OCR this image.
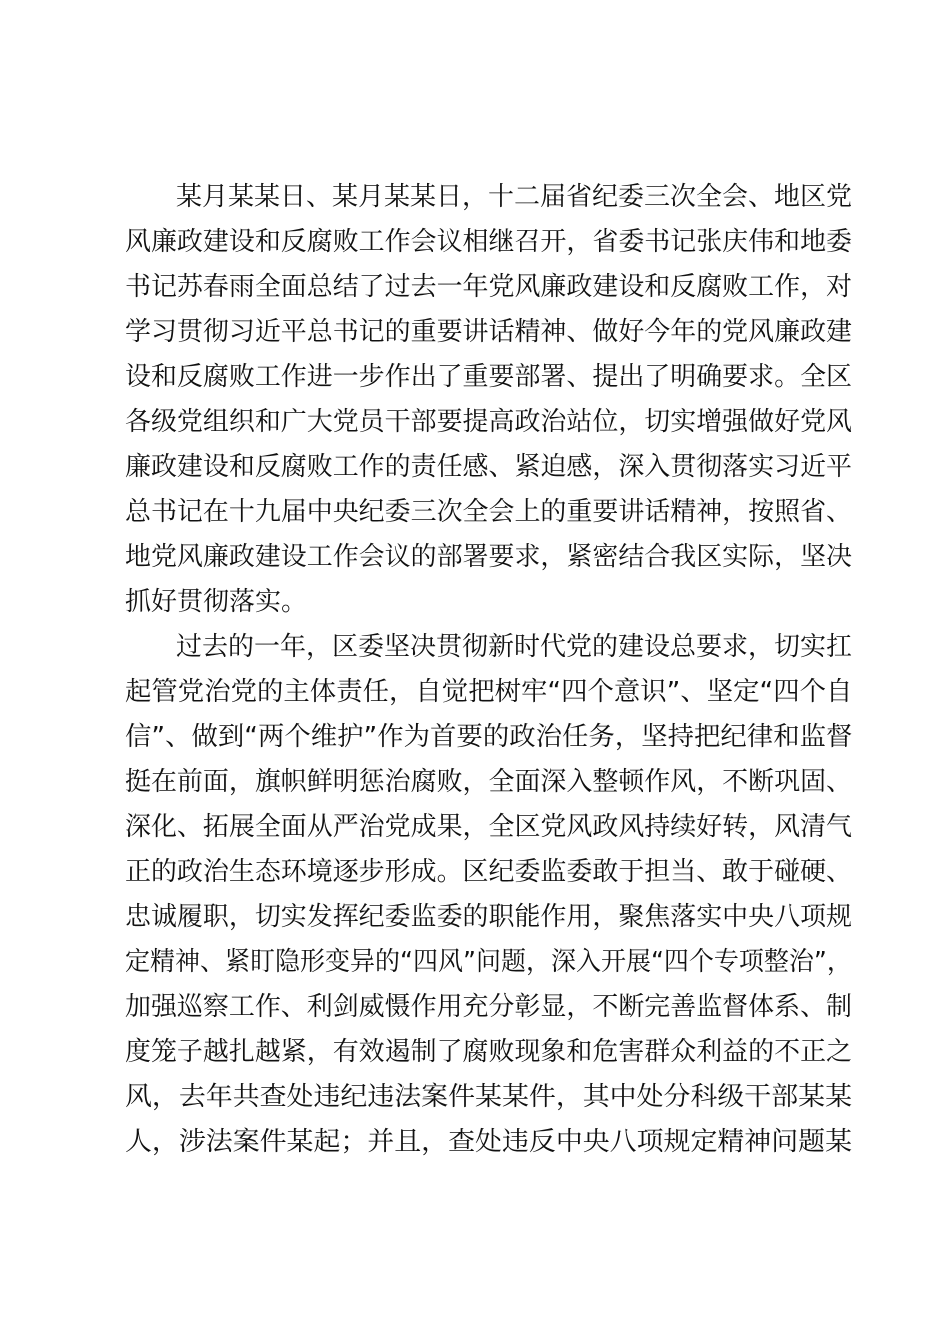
某月某某日、某月某某日，十二届省纪委三次全会、地区党
风廉政建设和反腐败工作会议相继召开，省委书记张庆伟和地委
书记苏春雨全面总结了过去一年党风廉政建设和反腐败工作，对
学习贯彻习近平总书记的重要讲话精神、做好今年的党风廉政建
设和反腐败工作进一步作出了重要部署、提出了明确要求。全区
各级党组织和广大党员干部要提高政治站位，切实增强做好党风
廉政建设和反腐败工作的责任感、紧迫感，深入贯彻落实习近平
总书记在十九届中央纪委三次全会上的重要讲话精神，按照省、
地党风廉政建设工作会议的部署要求，紧密结合我区实际，坚决
抓好贯彻落实。
过去的一年，区委坚决贯彻新时代党的建设总要求，切实扛
起管党治党的主体责任，自觉把树牢“四个意识”、坚定“四个自
信”、做到“两个维护”作为首要的政治任务，坚持把纪律和监督
挺在前面，旗帜鲜明惩治腐败，全面深入整顿作风，不断巩固、
深化、拓展全面从严治党成果，全区党风政风持续好转，风清气
正的政治生态环境逐步形成。区纪委监委敢于担当、敢于碰硬、
忠诚履职，切实发挥纪委监委的职能作用，聚焦落实中央八项规
定精神、紧盯隐形变异的“四风”问题，深入开展“四个专项整治”，
加强巡察工作、利剑威慑作用充分彰显，不断完善监督体系、制
度笼子越扎越紧，有效遏制了腐败现象和危害群众利益的不正之
风，去年共查处违纪违法案件某某件，其中处分科级干部某某
人，涉法案件某起；并且，查处违反中央八项规定精神问题某
